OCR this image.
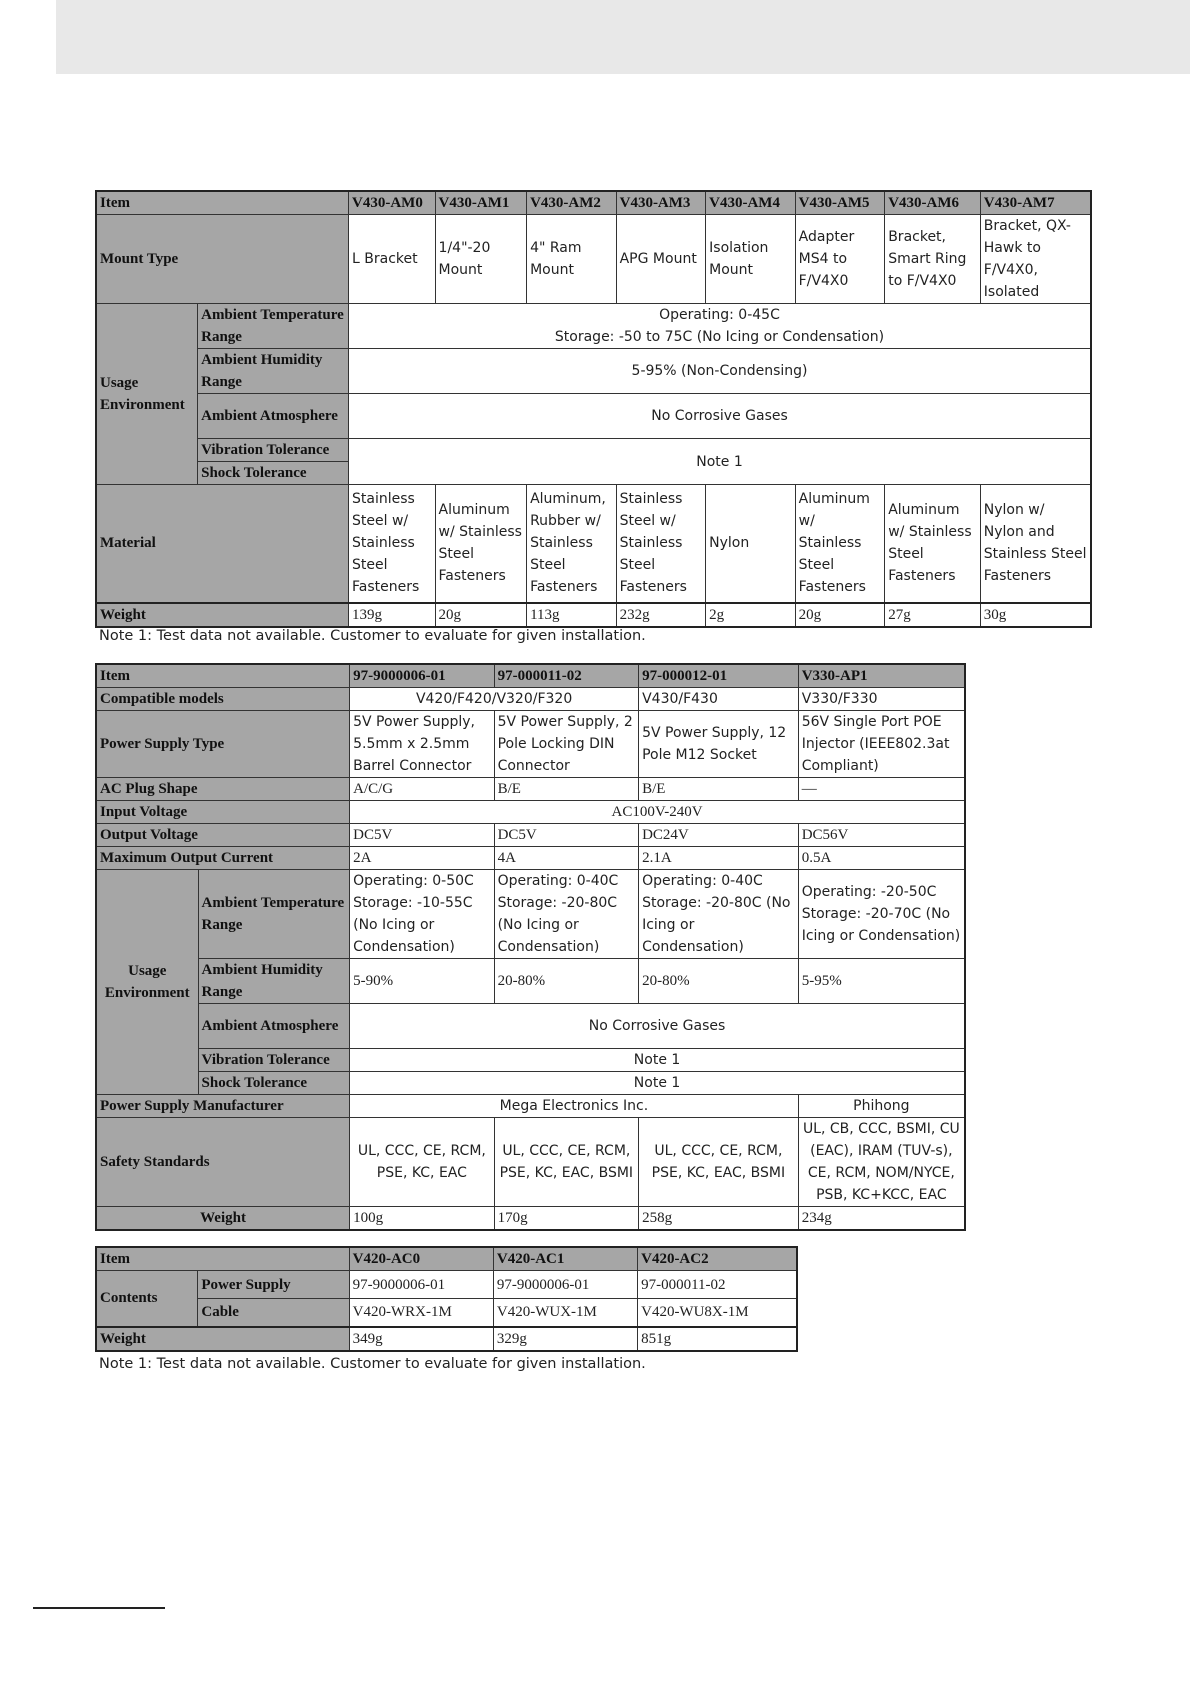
Item		V430-AM0	V430-AM1	V430-AM2	V430-AM3	V430-AM4	V430-AM5	V430-AM6	V430-AM7
Mount Type		L Bracket	1/4"-20 Mount	4" Ram Mount	APG Mount	Isolation Mount	Adapter MS4 to F/V4X0	Bracket, Smart Ring to F/V4X0	Bracket, QX-Hawk to F/V4X0, Isolated
Usage Environment	Ambient Temperature Range	Operating: 0-45C
Storage: -50 to 75C (No Icing or Condensation)							

	Ambient Humidity Range	5-95% (Non-Condensing)							
	Ambient Atmosphere	No Corrosive Gases							
	Vibration Tolerance	Note 1							
	Shock Tolerance								
Material		Stainless Steel w/ Stainless Steel Fasteners	Aluminum w/ Stainless Steel Fasteners	Aluminum, Rubber w/ Stainless Steel Fasteners	Stainless Steel w/ Stainless Steel Fasteners	Nylon	Aluminum w/ Stainless Steel Fasteners	Aluminum w/ Stainless Steel Fasteners	Nylon w/ Nylon and Stainless Steel Fasteners
Weight		139g	20g	113g	232g	2g	20g	27g	30g

Note 1: Test data not available. Customer to evaluate for given installation.

Item		97-9000006-01	97-000011-02	97-000012-01	V330-AP1
Compatible models		V420/F420/V320/F320		V430/F430	V330/F330
Power Supply Type		5V Power Supply, 5.5mm x 2.5mm Barrel Connector	5V Power Supply, 2 Pole Locking DIN Connector	5V Power Supply, 12 Pole M12 Socket	56V Single Port POE Injector (IEEE802.3at Compliant)
AC Plug Shape		A/C/G	B/E	B/E	—
Input Voltage		AC100V-240V			
Output Voltage		DC5V	DC5V	DC24V	DC56V
Maximum Output Current		2A	4A	2.1A	0.5A
Usage Environment	Ambient Temperature Range	Operating: 0-50C Storage: -10-55C (No Icing or Condensation)	Operating: 0-40C Storage: -20-80C (No Icing or Condensation)	Operating: 0-40C Storage: -20-80C (No Icing or Condensation)	Operating: -20-50C Storage: -20-70C (No Icing or Condensation)
	Ambient Humidity Range	5-90%	20-80%	20-80%	5-95%
	Ambient Atmosphere	No Corrosive Gases			
	Vibration Tolerance	Note 1			
	Shock Tolerance	Note 1			
Power Supply Manufacturer		Mega Electronics Inc.			Phihong
Safety Standards		UL, CCC, CE, RCM, PSE, KC, EAC	UL, CCC, CE, RCM, PSE, KC, EAC, BSMI	UL, CCC, CE, RCM, PSE, KC, EAC, BSMI	UL, CB, CCC, BSMI, CU (EAC), IRAM (TUV-s), CE, RCM, NOM/NYCE, PSB, KC+KCC, EAC
Weight		100g	170g	258g	234g
Item		V420-AC0	V420-AC1	V420-AC2
Contents	Power Supply	97-9000006-01	97-9000006-01	97-000011-02
	Cable	V420-WRX-1M	V420-WUX-1M	V420-WU8X-1M
Weight		349g	329g	851g

Note 1: Test data not available. Customer to evaluate for given installation.
